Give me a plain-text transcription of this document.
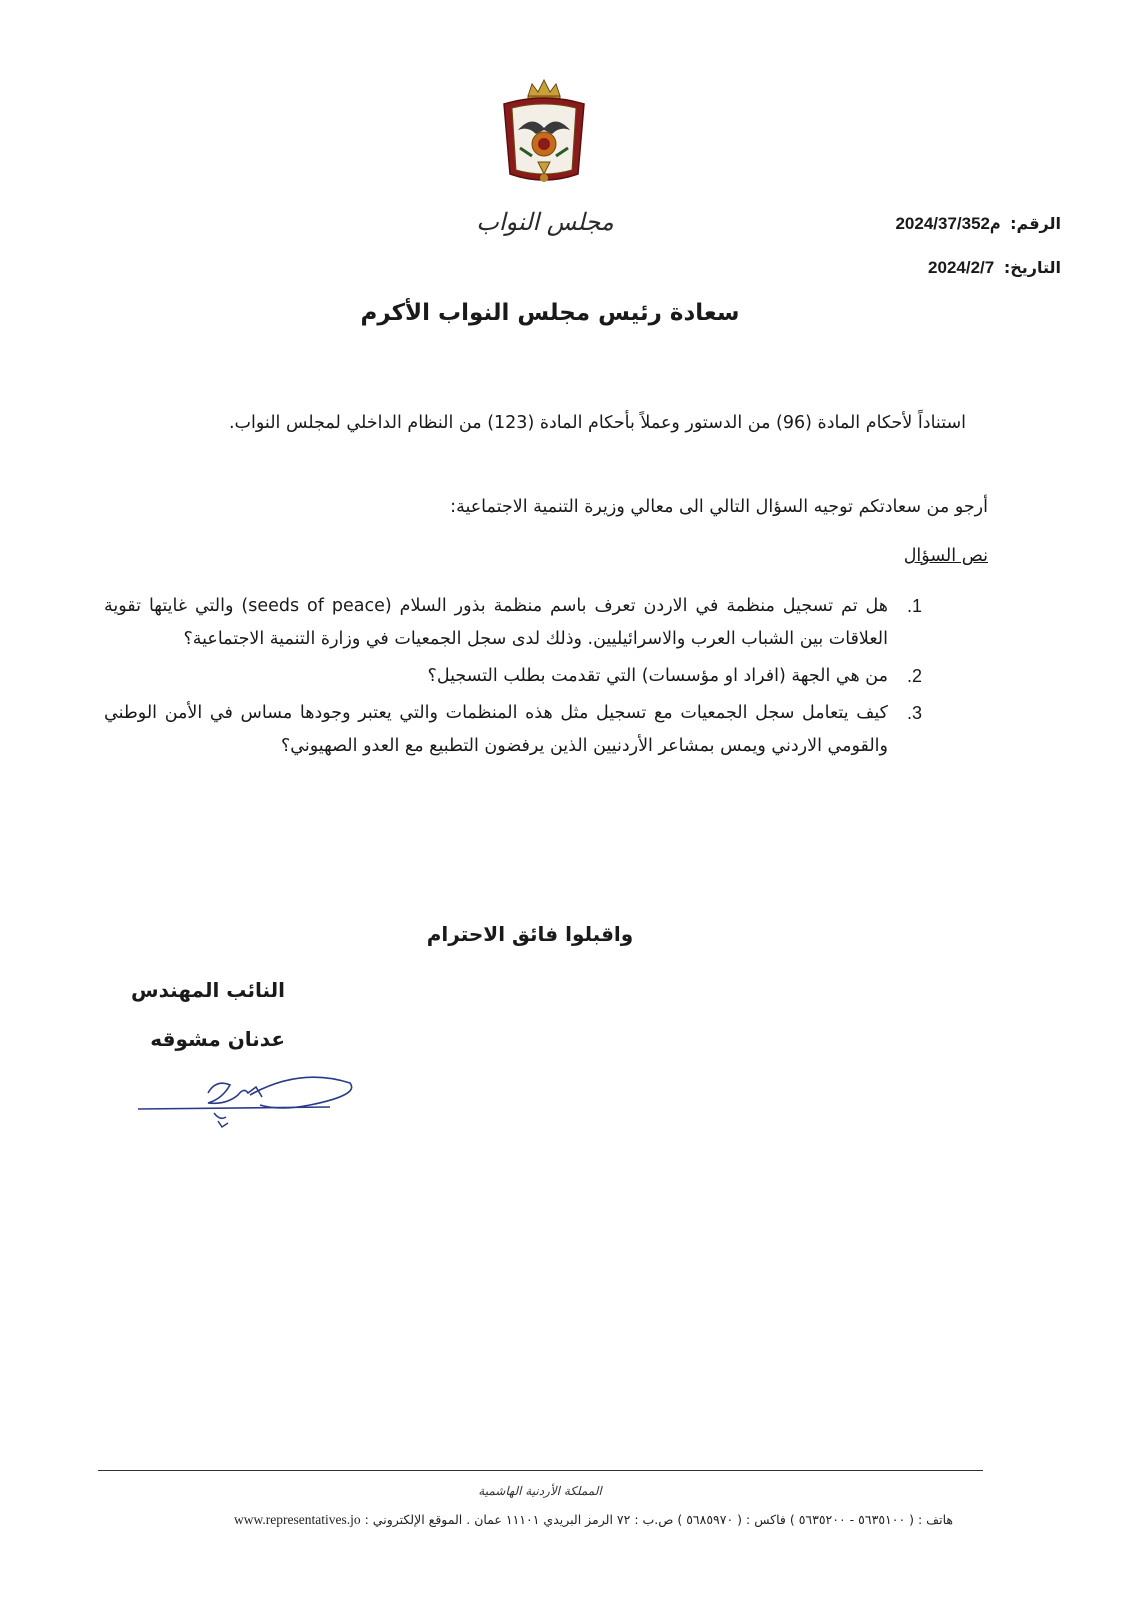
مجلس النواب	الرقم: م2024/37/352
التاريخ: 2024/2/7
سعادة رئيس مجلس النواب الأكرم
استناداً لأحكام المادة (96) من الدستور وعملاً بأحكام المادة (123) من النظام الداخلي لمجلس النواب.
أرجو من سعادتكم توجيه السؤال التالي الى معالي وزيرة التنمية الاجتماعية:
نص السؤال
1.
هل تم تسجيل منظمة في الاردن تعرف باسم منظمة بذور السلام (seeds of peace) والتي غايتها تقوية العلاقات بين الشباب العرب والاسرائيليين. وذلك لدى سجل الجمعيات في وزارة التنمية الاجتماعية؟
2.
من هي الجهة (افراد او مؤسسات) التي تقدمت بطلب التسجيل؟
3.
كيف يتعامل سجل الجمعيات مع تسجيل مثل هذه المنظمات والتي يعتبر وجودها مساس في الأمن الوطني والقومي الاردني ويمس بمشاعر الأردنيين الذين يرفضون التطبيع مع العدو الصهيوني؟
واقبلوا فائق الاحترام
النائب المهندس
عدنان مشوقه
المملكة الأردنية الهاشمية
هاتف : ( ٥٦٣٥١٠٠ - ٥٦٣٥٢٠٠ ) فاكس : ( ٥٦٨٥٩٧٠ ) ص.ب : ٧٢ الرمز البريدي ١١١٠١ عمان . الموقع الإلكتروني : www.representatives.jo
